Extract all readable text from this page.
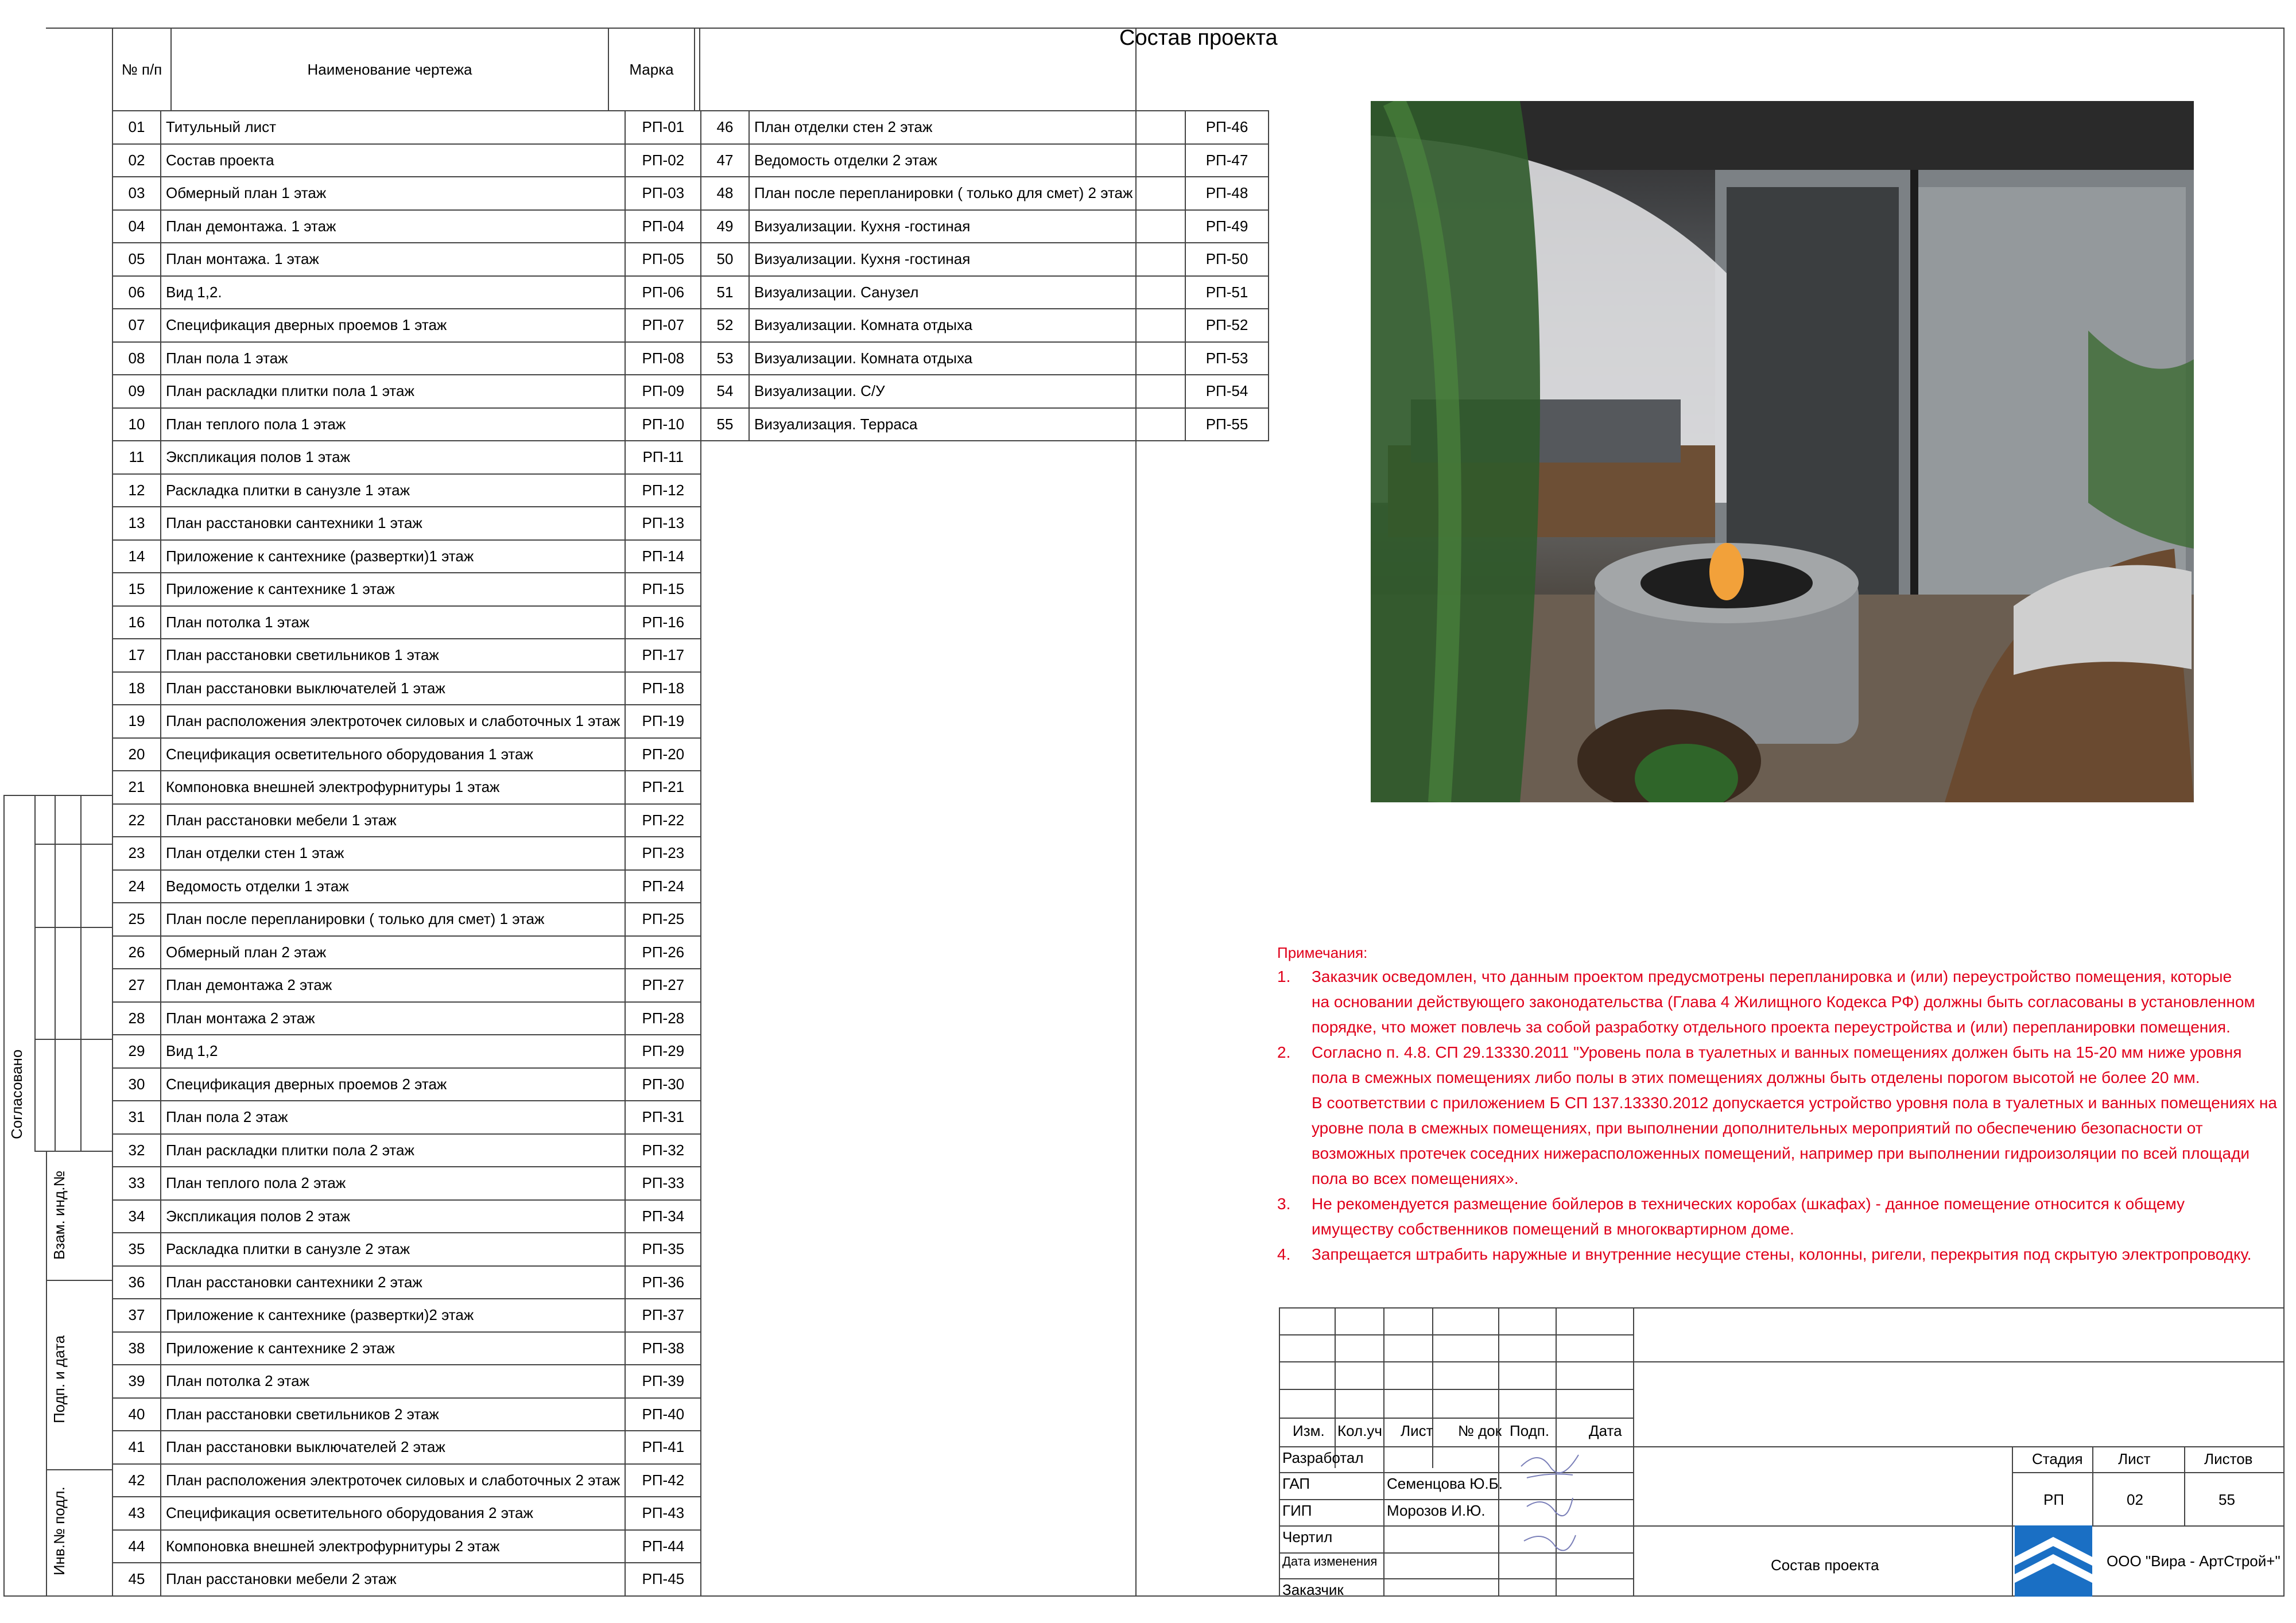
Согласовано
Взам. инд.№
Подп. и дата
Инв.№ подл.
Состав проекта
№ п/п	Наименование чертежа	Марка
01	Титульный лист	РП-01
02	Состав проекта	РП-02
03	Обмерный план 1 этаж	РП-03
04	План демонтажа. 1 этаж	РП-04
05	План монтажа. 1 этаж	РП-05
06	Вид 1,2.	РП-06
07	Спецификация дверных проемов 1 этаж	РП-07
08	План пола 1 этаж	РП-08
09	План раскладки плитки пола 1 этаж	РП-09
10	План теплого пола 1 этаж	РП-10
11	Экспликация полов 1 этаж	РП-11
12	Раскладка плитки в санузле 1 этаж	РП-12
13	План расстановки сантехники 1 этаж	РП-13
14	Приложение к сантехнике (развертки)1 этаж	РП-14
15	Приложение к сантехнике 1 этаж	РП-15
16	План потолка 1 этаж	РП-16
17	План расстановки светильников 1 этаж	РП-17
18	План расстановки выключателей 1 этаж	РП-18
19	План расположения электроточек силовых и слаботочных 1 этаж	РП-19
20	Спецификация осветительного оборудования 1 этаж	РП-20
21	Компоновка внешней электрофурнитуры 1 этаж	РП-21
22	План расстановки мебели 1 этаж	РП-22
23	План отделки стен 1 этаж	РП-23
24	Ведомость отделки 1 этаж	РП-24
25	План после перепланировки ( только для смет) 1 этаж	РП-25
26	Обмерный план 2 этаж	РП-26
27	План демонтажа 2 этаж	РП-27
28	План монтажа 2 этаж	РП-28
29	Вид 1,2	РП-29
30	Спецификация дверных проемов 2 этаж	РП-30
31	План пола 2 этаж	РП-31
32	План раскладки плитки пола 2 этаж	РП-32
33	План теплого пола 2 этаж	РП-33
34	Экспликация полов 2 этаж	РП-34
35	Раскладка плитки в санузле 2 этаж	РП-35
36	План расстановки сантехники 2 этаж	РП-36
37	Приложение к сантехнике (развертки)2 этаж	РП-37
38	Приложение к сантехнике 2 этаж	РП-38
39	План потолка 2 этаж	РП-39
40	План расстановки светильников 2 этаж	РП-40
41	План расстановки выключателей 2 этаж	РП-41
42	План расположения электроточек силовых и слаботочных 2 этаж	РП-42
43	Спецификация осветительного оборудования 2 этаж	РП-43
44	Компоновка внешней электрофурнитуры 2 этаж	РП-44
45	План расстановки мебели 2 этаж	РП-45
46	План отделки стен 2 этаж	РП-46
47	Ведомость отделки 2 этаж	РП-47
48	План после перепланировки ( только для смет) 2 этаж	РП-48
49	Визуализации. Кухня -гостиная	РП-49
50	Визуализации. Кухня -гостиная	РП-50
51	Визуализации. Санузел	РП-51
52	Визуализации. Комната отдыха	РП-52
53	Визуализации. Комната отдыха	РП-53
54	Визуализации. С/У	РП-54
55	Визуализация. Терраса	РП-55
Примечания:
1. Заказчик осведомлен, что данным проектом предусмотрены перепланировка и (или) переустройство помещения, которые
на основании действующего законодательства (Глава 4 Жилищного Кодекса РФ) должны быть согласованы в установленном
порядке, что может повлечь за собой разработку отдельного проекта переустройства и (или) перепланировки помещения.
2. Согласно п. 4.8. СП 29.13330.2011 "Уровень пола в туалетных и ванных помещениях должен быть на 15-20 мм ниже уровня
пола в смежных помещениях либо полы в этих помещениях должны быть отделены порогом высотой не более 20 мм.
В соответствии с приложением Б СП 137.13330.2012 допускается устройство уровня пола в туалетных и ванных помещениях на
уровне пола в смежных помещениях, при выполнении дополнительных мероприятий по обеспечению безопасности от
возможных протечек соседних нижерасположенных помещений, например при выполнении гидроизоляции по всей площади
пола во всех помещениях».
3. Не рекомендуется размещение бойлеров в технических коробах (шкафах) - данное помещение относится к общему
имуществу собственников помещений в многоквартирном доме.
4. Запрещается штрабить наружные и внутренние несущие стены, колонны, ригели, перекрытия под скрытую электропроводку.
Изм. Кол.уч Лист № док Подп.	Дата
Разработал
ГАП	Семенцова Ю.Б.
ГИП	Морозов И.Ю.
Чертил
Дата изменения
Заказчик
Стадия Лист	Листов
РП	02	55
ООО "Вира - АртСтрой+"
Состав проекта
